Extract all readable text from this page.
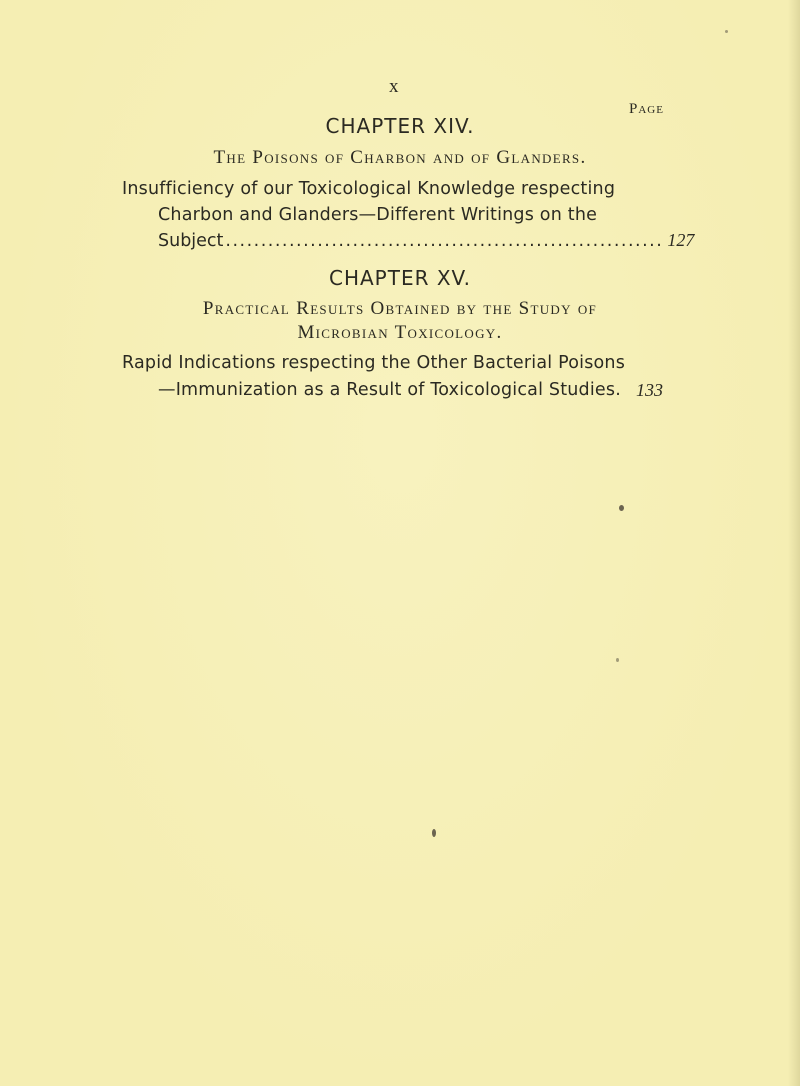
x
Page
CHAPTER XIV.
The Poisons of Charbon and of Glanders.
Insufficiency of our Toxicological Knowledge respecting
Charbon and Glanders—Different Writings on the
Subject .............................................................. 127
CHAPTER XV.
Practical Results Obtained by the Study of
Microbian Toxicology.
Rapid Indications respecting the Other Bacterial Poisons
—Immunization as a Result of Toxicological Studies. 133
